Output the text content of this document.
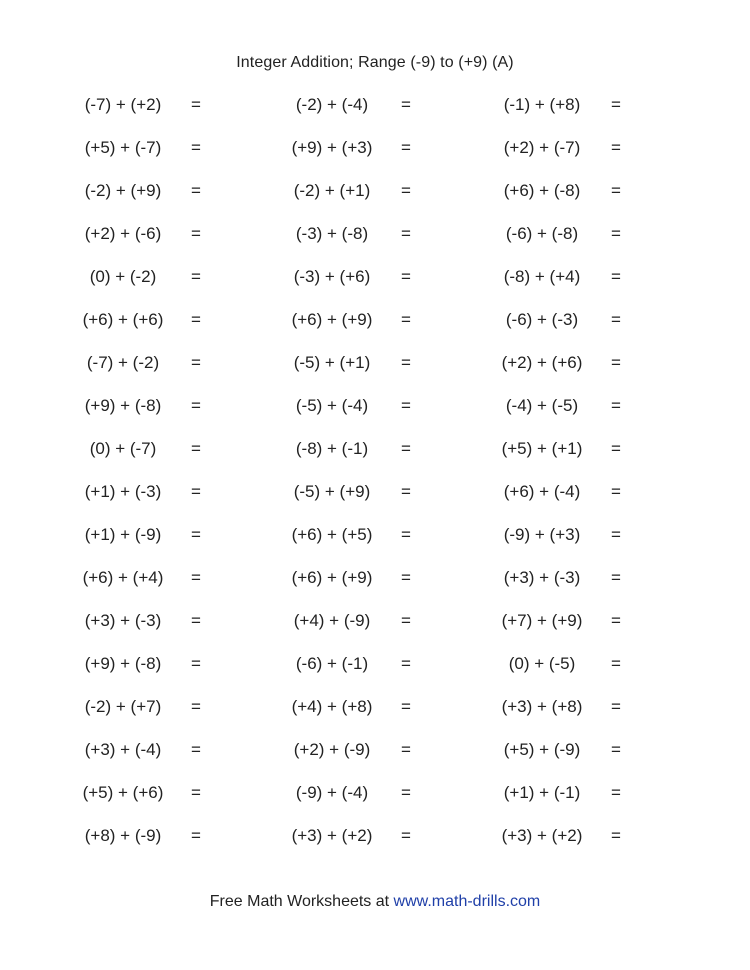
Integer Addition; Range (-9) to (+9) (A)
(-7) + (+2)	=	(-2) + (-4)	=	(-1) + (+8)	=
(+5) + (-7)	=	(+9) + (+3)	=	(+2) + (-7)	=
(-2) + (+9)	=	(-2) + (+1)	=	(+6) + (-8)	=
(+2) + (-6)	=	(-3) + (-8)	=	(-6) + (-8)	=
(0) + (-2)	=	(-3) + (+6)	=	(-8) + (+4)	=
(+6) + (+6)	=	(+6) + (+9)	=	(-6) + (-3)	=
(-7) + (-2)	=	(-5) + (+1)	=	(+2) + (+6)	=
(+9) + (-8)	=	(-5) + (-4)	=	(-4) + (-5)	=
(0) + (-7)	=	(-8) + (-1)	=	(+5) + (+1)	=
(+1) + (-3)	=	(-5) + (+9)	=	(+6) + (-4)	=
(+1) + (-9)	=	(+6) + (+5)	=	(-9) + (+3)	=
(+6) + (+4)	=	(+6) + (+9)	=	(+3) + (-3)	=
(+3) + (-3)	=	(+4) + (-9)	=	(+7) + (+9)	=
(+9) + (-8)	=	(-6) + (-1)	=	(0) + (-5)	=
(-2) + (+7)	=	(+4) + (+8)	=	(+3) + (+8)	=
(+3) + (-4)	=	(+2) + (-9)	=	(+5) + (-9)	=
(+5) + (+6)	=	(-9) + (-4)	=	(+1) + (-1)	=
(+8) + (-9)	=	(+3) + (+2)	=	(+3) + (+2)	=
Free Math Worksheets at www.math-drills.com
